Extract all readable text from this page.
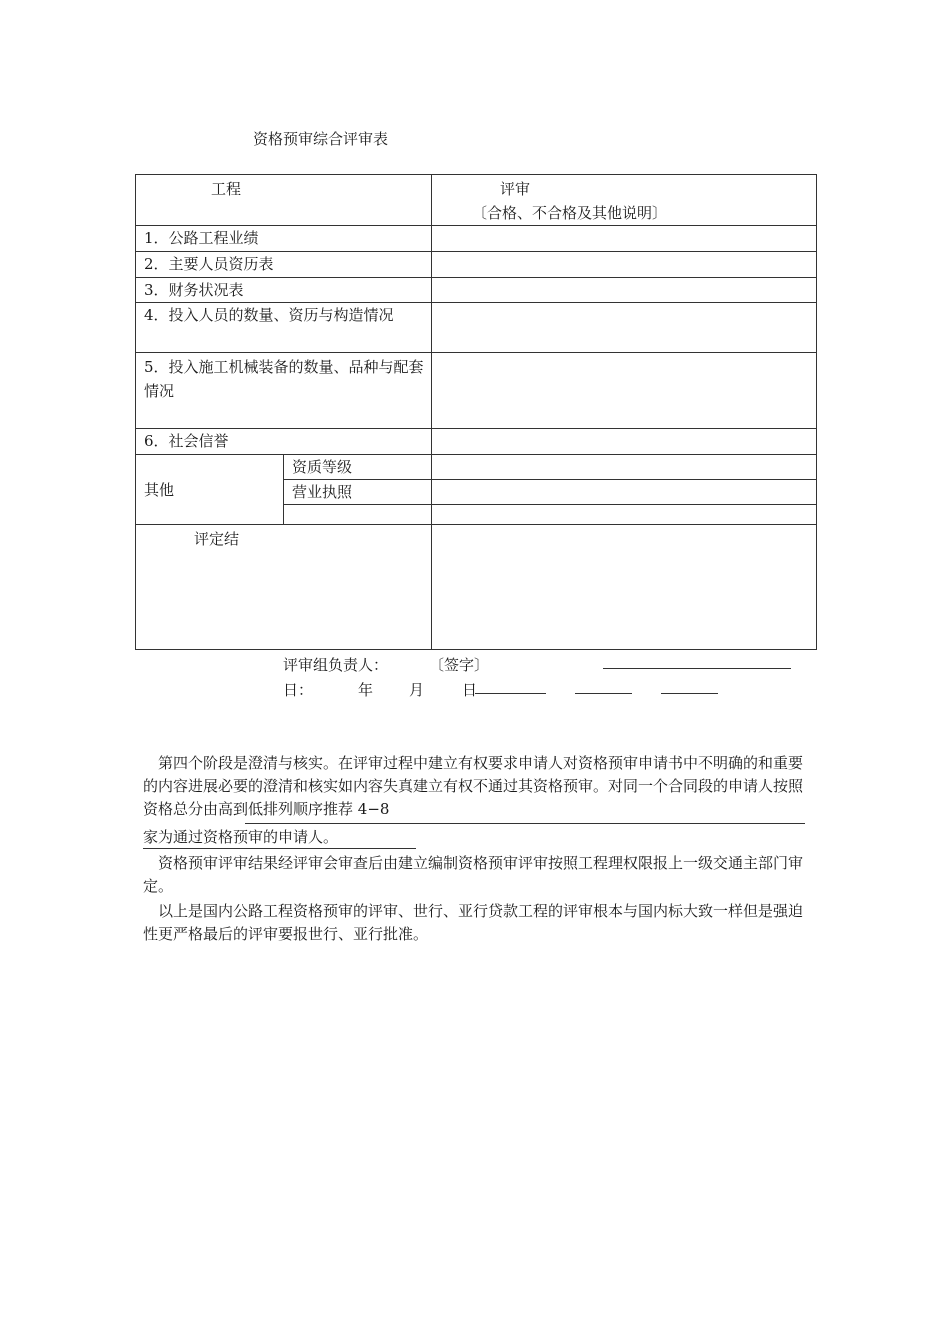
资格预审综合评审表
工程		评审
〔合格、不合格及其他说明〕

1．公路工程业绩		
2．主要人员资历表		
3．财务状况表		
4．投入人员的数量、资历与构造情况		
5．投入施工机械装备的数量、品种与配套情况		
6．社会信誉		
其他	资质等级	
	营业执照	

评定结		
评审组负责人：	〔签字〕
日：	年 月	日

第四个阶段是澄清与核实。在评审过程中建立有权要求申请人对资格预审申请书中不明确的和重要的内容进展必要的澄清和核实如内容失真建立有权不通过其资格预审。对同一个合同段的申请人按照资格总分由高到低排列顺序推荐 4−8

家为通过资格预审的申请人。

资格预审评审结果经评审会审查后由建立编制资格预审评审按照工程理权限报上一级交通主部门审定。

以上是国内公路工程资格预审的评审、世行、亚行贷款工程的评审根本与国内标大致一样但是强迫性更严格最后的评审要报世行、亚行批准。
